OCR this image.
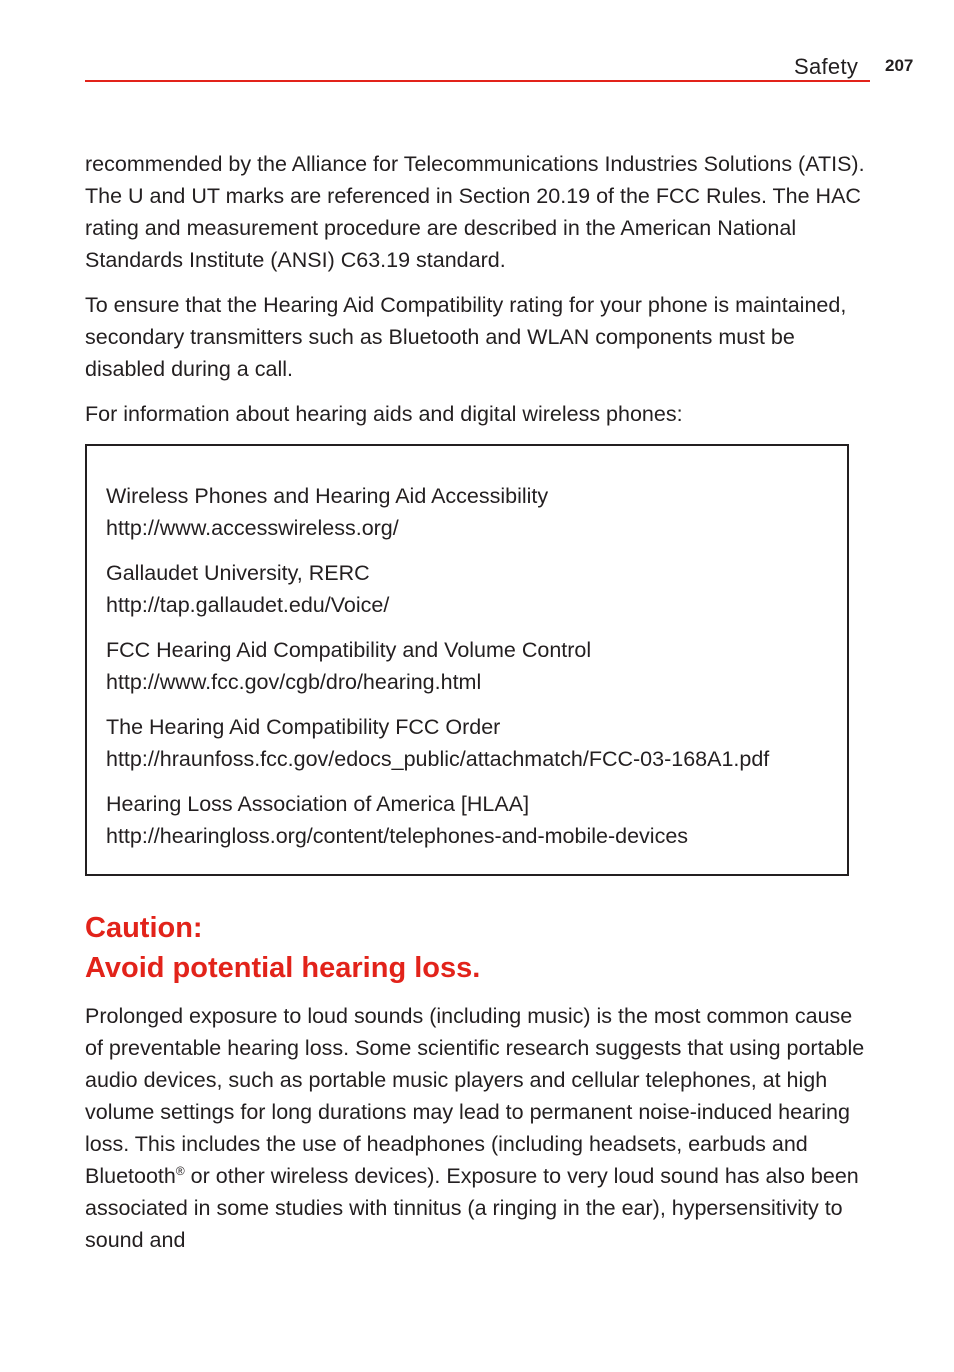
Safety 207

recommended by the Alliance for Telecommunications Industries Solutions (ATIS). The U and UT marks are referenced in Section 20.19 of the FCC Rules. The HAC rating and measurement procedure are described in the American National Standards Institute (ANSI) C63.19 standard.

To ensure that the Hearing Aid Compatibility rating for your phone is maintained, secondary transmitters such as Bluetooth and WLAN components must be disabled during a call.

For information about hearing aids and digital wireless phones:

Wireless Phones and Hearing Aid Accessibility
http://www.accesswireless.org/
Gallaudet University, RERC
http://tap.gallaudet.edu/Voice/
FCC Hearing Aid Compatibility and Volume Control
http://www.fcc.gov/cgb/dro/hearing.html
The Hearing Aid Compatibility FCC Order
http://hraunfoss.fcc.gov/edocs_public/attachmatch/FCC-03-168A1.pdf
Hearing Loss Association of America [HLAA]
http://hearingloss.org/content/telephones-and-mobile-devices
Caution:
Avoid potential hearing loss.

Prolonged exposure to loud sounds (including music) is the most common cause of preventable hearing loss. Some scientific research suggests that using portable audio devices, such as portable music players and cellular telephones, at high volume settings for long durations may lead to permanent noise-induced hearing loss. This includes the use of headphones (including headsets, earbuds and Bluetooth® or other wireless devices). Exposure to very loud sound has also been associated in some studies with tinnitus (a ringing in the ear), hypersensitivity to sound and
